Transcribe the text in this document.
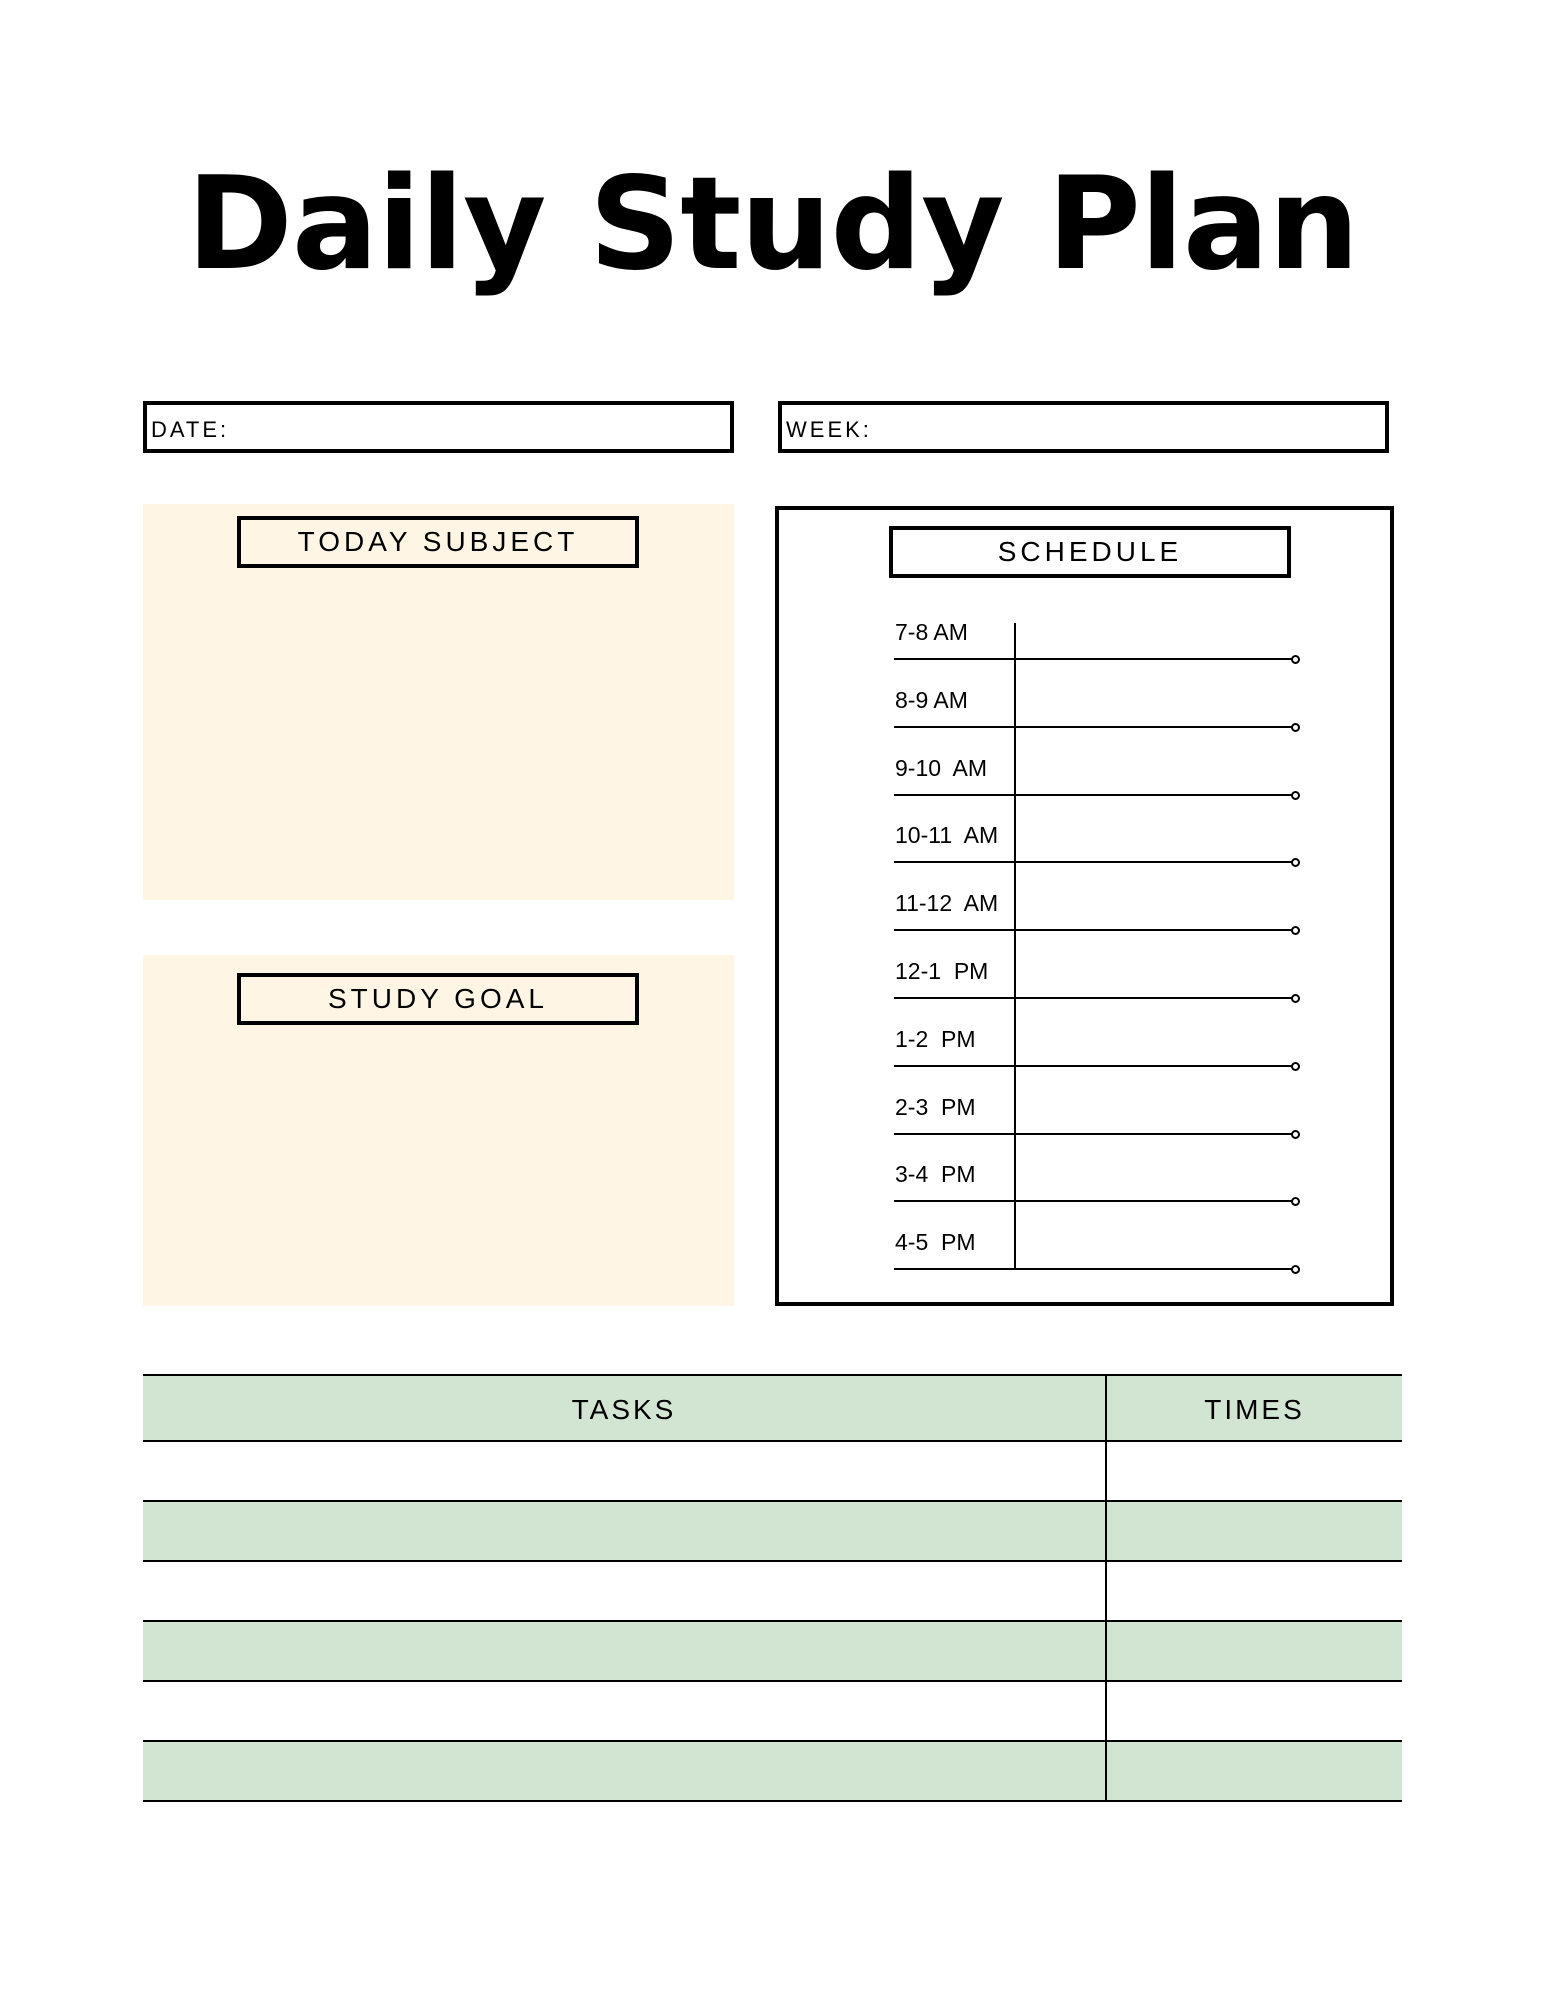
Daily Study Plan
DATE:	WEEK:
TODAY SUBJECT
STUDY GOAL
SCHEDULE
7-8 AM
8-9 AM
9-10  AM
10-11  AM
11-12  AM
12-1  PM
1-2  PM
2-3  PM
3-4  PM
4-5  PM
TASKS	TIMES
